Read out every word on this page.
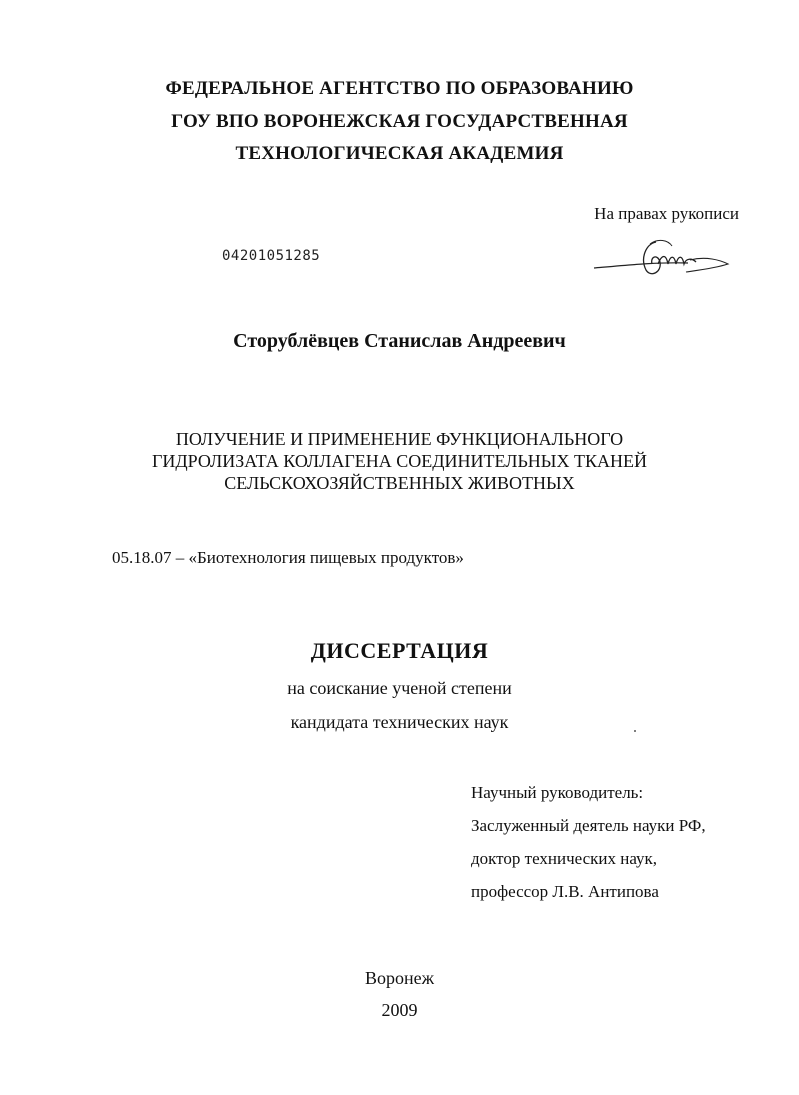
ФЕДЕРАЛЬНОЕ АГЕНТСТВО ПО ОБРАЗОВАНИЮ
ГОУ ВПО ВОРОНЕЖСКАЯ ГОСУДАРСТВЕННАЯ
ТЕХНОЛОГИЧЕСКАЯ АКАДЕМИЯ
На правах рукописи
04201051285
Сторублёвцев Станислав Андреевич
ПОЛУЧЕНИЕ И ПРИМЕНЕНИЕ ФУНКЦИОНАЛЬНОГО
ГИДРОЛИЗАТА КОЛЛАГЕНА СОЕДИНИТЕЛЬНЫХ ТКАНЕЙ
СЕЛЬСКОХОЗЯЙСТВЕННЫХ ЖИВОТНЫХ
05.18.07 – «Биотехнология пищевых продуктов»
ДИССЕРТАЦИЯ
на соискание ученой степени
кандидата технических наук
Научный руководитель:
Заслуженный деятель науки РФ,
доктор технических наук,
профессор Л.В. Антипова
Воронеж
2009
